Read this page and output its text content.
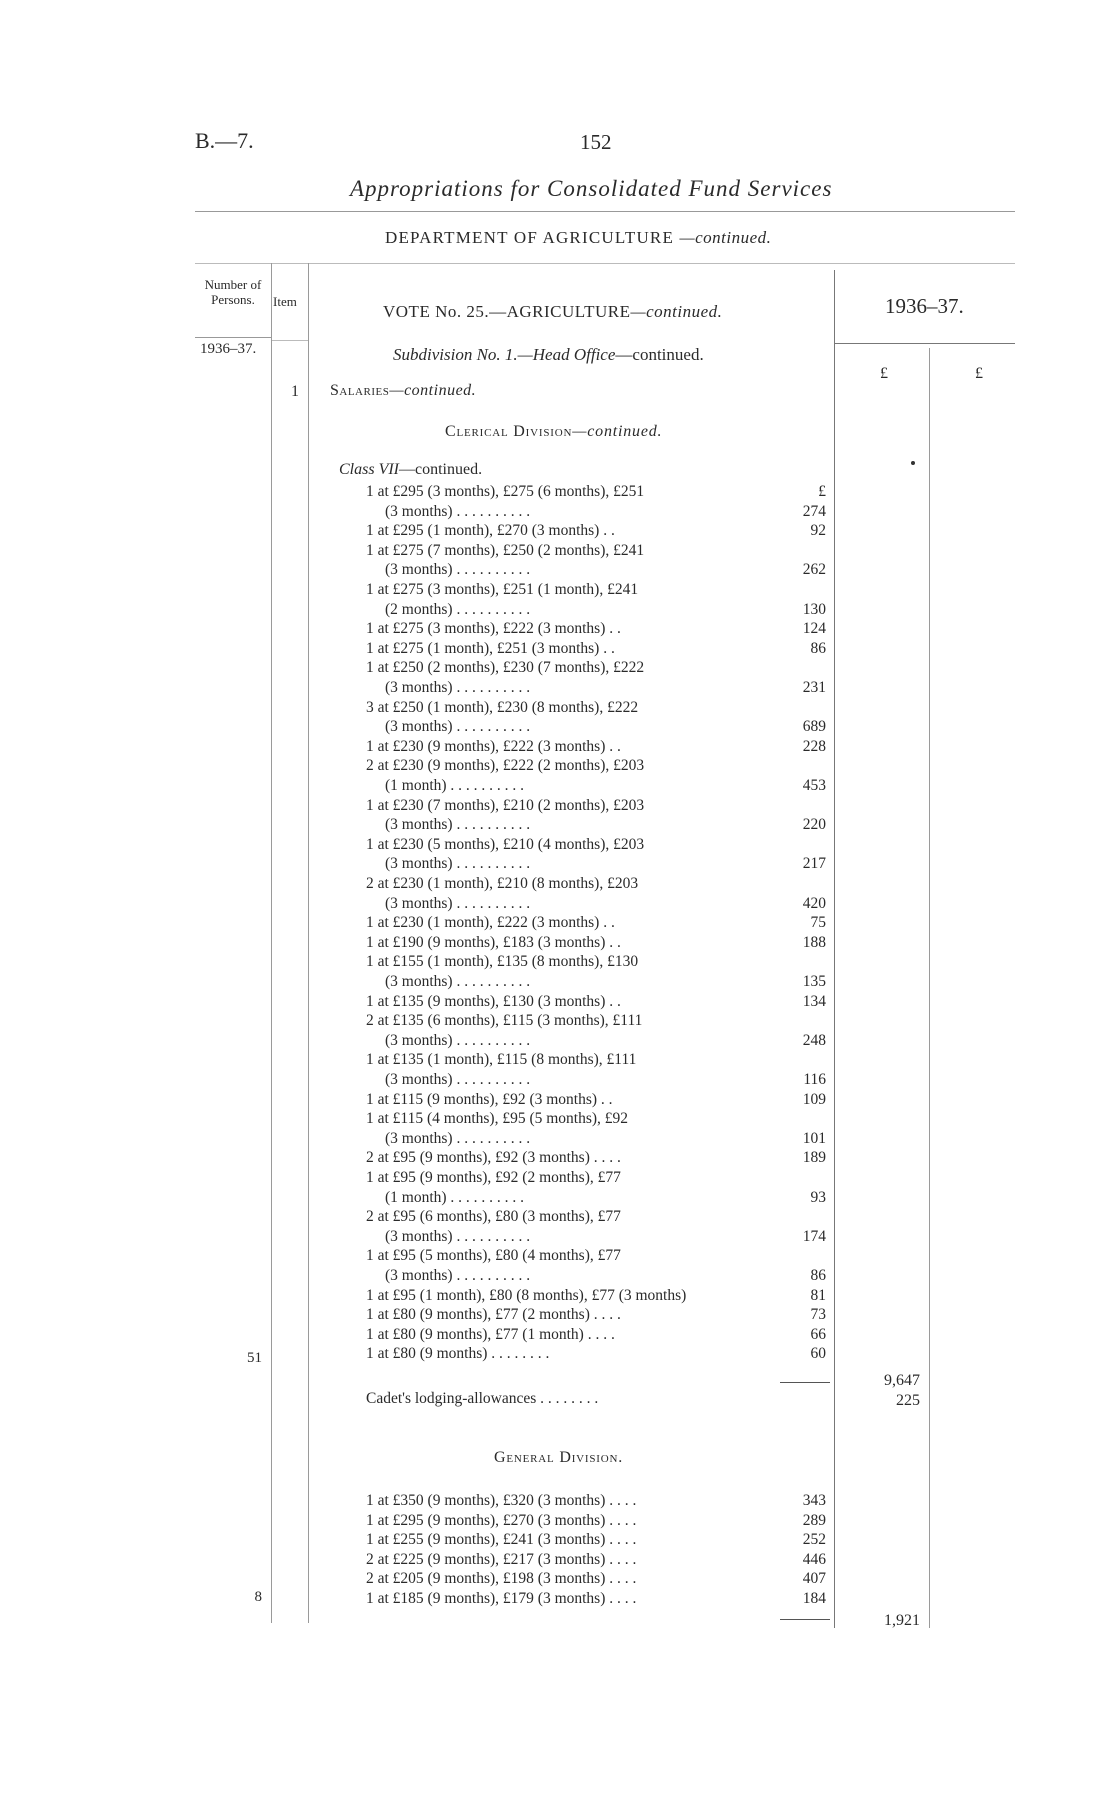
B.—7.	152
Appropriations for Consolidated Fund Services
DEPARTMENT OF AGRICULTURE —continued.
Number of Persons.	Item
VOTE No. 25.—AGRICULTURE—continued.	1936–37.
1936–37.	Subdivision No. 1.—Head Office—continued.
£	£
1 Salaries—continued.
Clerical Division—continued.
Class VII—continued.
1 at £295 (3 months), £275 (6 months), £251	£
(3 months) . . . . . . . . . .	274
1 at £295 (1 month), £270 (3 months) . .	92
1 at £275 (7 months), £250 (2 months), £241
(3 months) . . . . . . . . . .	262
1 at £275 (3 months), £251 (1 month), £241
(2 months) . . . . . . . . . .	130
1 at £275 (3 months), £222 (3 months) . .	124
1 at £275 (1 month), £251 (3 months) . .	86
1 at £250 (2 months), £230 (7 months), £222
(3 months) . . . . . . . . . .	231
3 at £250 (1 month), £230 (8 months), £222
(3 months) . . . . . . . . . .	689
1 at £230 (9 months), £222 (3 months) . .	228
2 at £230 (9 months), £222 (2 months), £203
(1 month) . . . . . . . . . .	453
1 at £230 (7 months), £210 (2 months), £203
(3 months) . . . . . . . . . .	220
1 at £230 (5 months), £210 (4 months), £203
(3 months) . . . . . . . . . .	217
2 at £230 (1 month), £210 (8 months), £203
(3 months) . . . . . . . . . .	420
1 at £230 (1 month), £222 (3 months) . .	75
1 at £190 (9 months), £183 (3 months) . .	188
1 at £155 (1 month), £135 (8 months), £130
(3 months) . . . . . . . . . .	135
1 at £135 (9 months), £130 (3 months) . .	134
2 at £135 (6 months), £115 (3 months), £111
(3 months) . . . . . . . . . .	248
1 at £135 (1 month), £115 (8 months), £111
(3 months) . . . . . . . . . .	116
1 at £115 (9 months), £92 (3 months) . .	109
1 at £115 (4 months), £95 (5 months), £92
(3 months) . . . . . . . . . .	101
2 at £95 (9 months), £92 (3 months) . . . .	189
1 at £95 (9 months), £92 (2 months), £77
(1 month) . . . . . . . . . .	93
2 at £95 (6 months), £80 (3 months), £77
(3 months) . . . . . . . . . .	174
1 at £95 (5 months), £80 (4 months), £77
(3 months) . . . . . . . . . .	86
1 at £95 (1 month), £80 (8 months), £77 (3 months)	81
1 at £80 (9 months), £77 (2 months) . . . .	73
1 at £80 (9 months), £77 (1 month) . . . .	66
1 at £80 (9 months) . . . . . . . .	60
51
9,647
Cadet's lodging-allowances . . . . . . . .	225
General Division.
1 at £350 (9 months), £320 (3 months) . . . .	343
1 at £295 (9 months), £270 (3 months) . . . .	289
1 at £255 (9 months), £241 (3 months) . . . .	252
2 at £225 (9 months), £217 (3 months) . . . .	446
2 at £205 (9 months), £198 (3 months) . . . .	407
1 at £185 (9 months), £179 (3 months) . . . .	184
8
1,921
